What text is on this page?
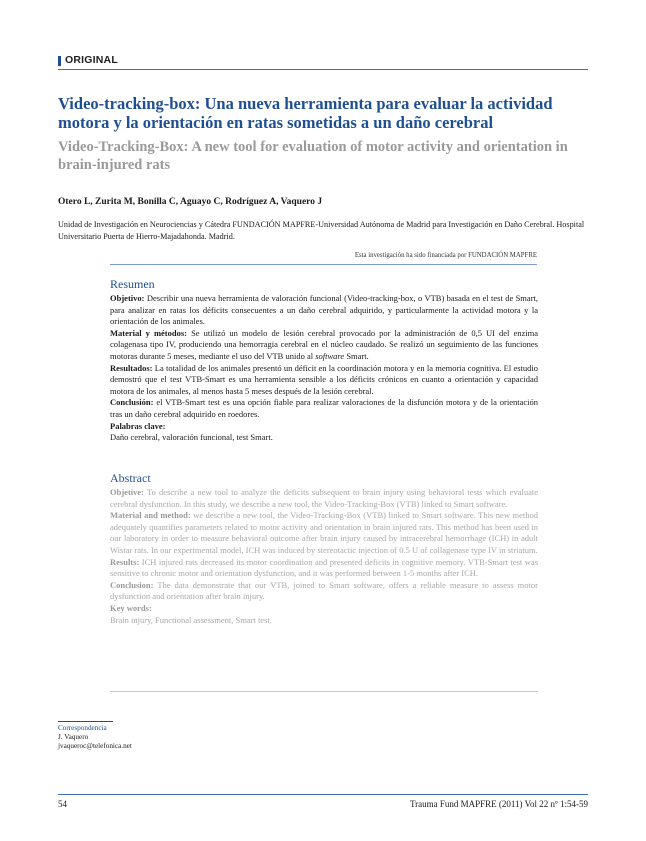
ORIGINAL
Video-tracking-box: Una nueva herramienta para evaluar la actividad motora y la orientación en ratas sometidas a un daño cerebral
Video-Tracking-Box: A new tool for evaluation of motor activity and orientation in brain-injured rats
Otero L, Zurita M, Bonilla C, Aguayo C, Rodríguez A, Vaquero J
Unidad de Investigación en Neurociencias y Cátedra FUNDACIÓN MAPFRE-Universidad Autónoma de Madrid para Investigación en Daño Cerebral. Hospital Universitario Puerta de Hierro-Majadahonda. Madrid.
Esta investigación ha sido financiada por FUNDACIÓN MAPFRE
Resumen

Objetivo: Describir una nueva herramienta de valoración funcional (Video-tracking-box, o VTB) basada en el test de Smart, para analizar en ratas los déficits consecuentes a un daño cerebral adquirido, y particularmente la actividad motora y la orientación de los animales.

Material y métodos: Se utilizó un modelo de lesión cerebral provocado por la administración de 0,5 UI del enzima colagenasa tipo IV, produciendo una hemorragia cerebral en el núcleo caudado. Se realizó un seguimiento de las funciones motoras durante 5 meses, mediante el uso del VTB unido al software Smart.

Resultados: La totalidad de los animales presentó un déficit en la coordinación motora y en la memoria cognitiva. El estudio demostró que el test VTB-Smart es una herramienta sensible a los déficits crónicos en cuanto a orientación y capacidad motora de los animales, al menos hasta 5 meses después de la lesión cerebral.

Conclusión: el VTB-Smart test es una opción fiable para realizar valoraciones de la disfunción motora y de la orientación tras un daño cerebral adquirido en roedores.

Palabras clave:

Daño cerebral, valoración funcional, test Smart.

Abstract

Objetive: To describe a new tool to analyze the deficits subsequent to brain injury using behavioral tests which evaluate cerebral dysfunction. In this study, we describe a new tool, the Video-Tracking-Box (VTB) linked to Smart software.

Material and method: we describe a new tool, the Video-Tracking-Box (VTB) linked to Smart software. This new method adequately quantifies parameters related to motor activity and orientation in brain injured rats. This method has been used in our laboratory in order to measure behavioral outcome after brain injury caused by intracerebral hemorrhage (ICH) in adult Wistar rats. In our experimental model, ICH was induced by stereotactic injection of 0.5 U of collagenase type IV in striatum.

Results: ICH injured rats decreased its motor coordination and presented deficits in cognitive memory. VTB-Smart test was sensitive to chronic motor and orientation dysfunction, and it was performed between 1-5 months after ICH.

Conclusion: The data demonstrate that our VTB, joined to Smart software, offers a reliable measure to assess motor dysfunction and orientation after brain injury.

Key words:

Brain injury, Functional assessment, Smart test.

Correspondencia
J. Vaquero
jvaqueroc@telefonica.net
54	Trauma Fund MAPFRE (2011) Vol 22 nº 1:54-59
